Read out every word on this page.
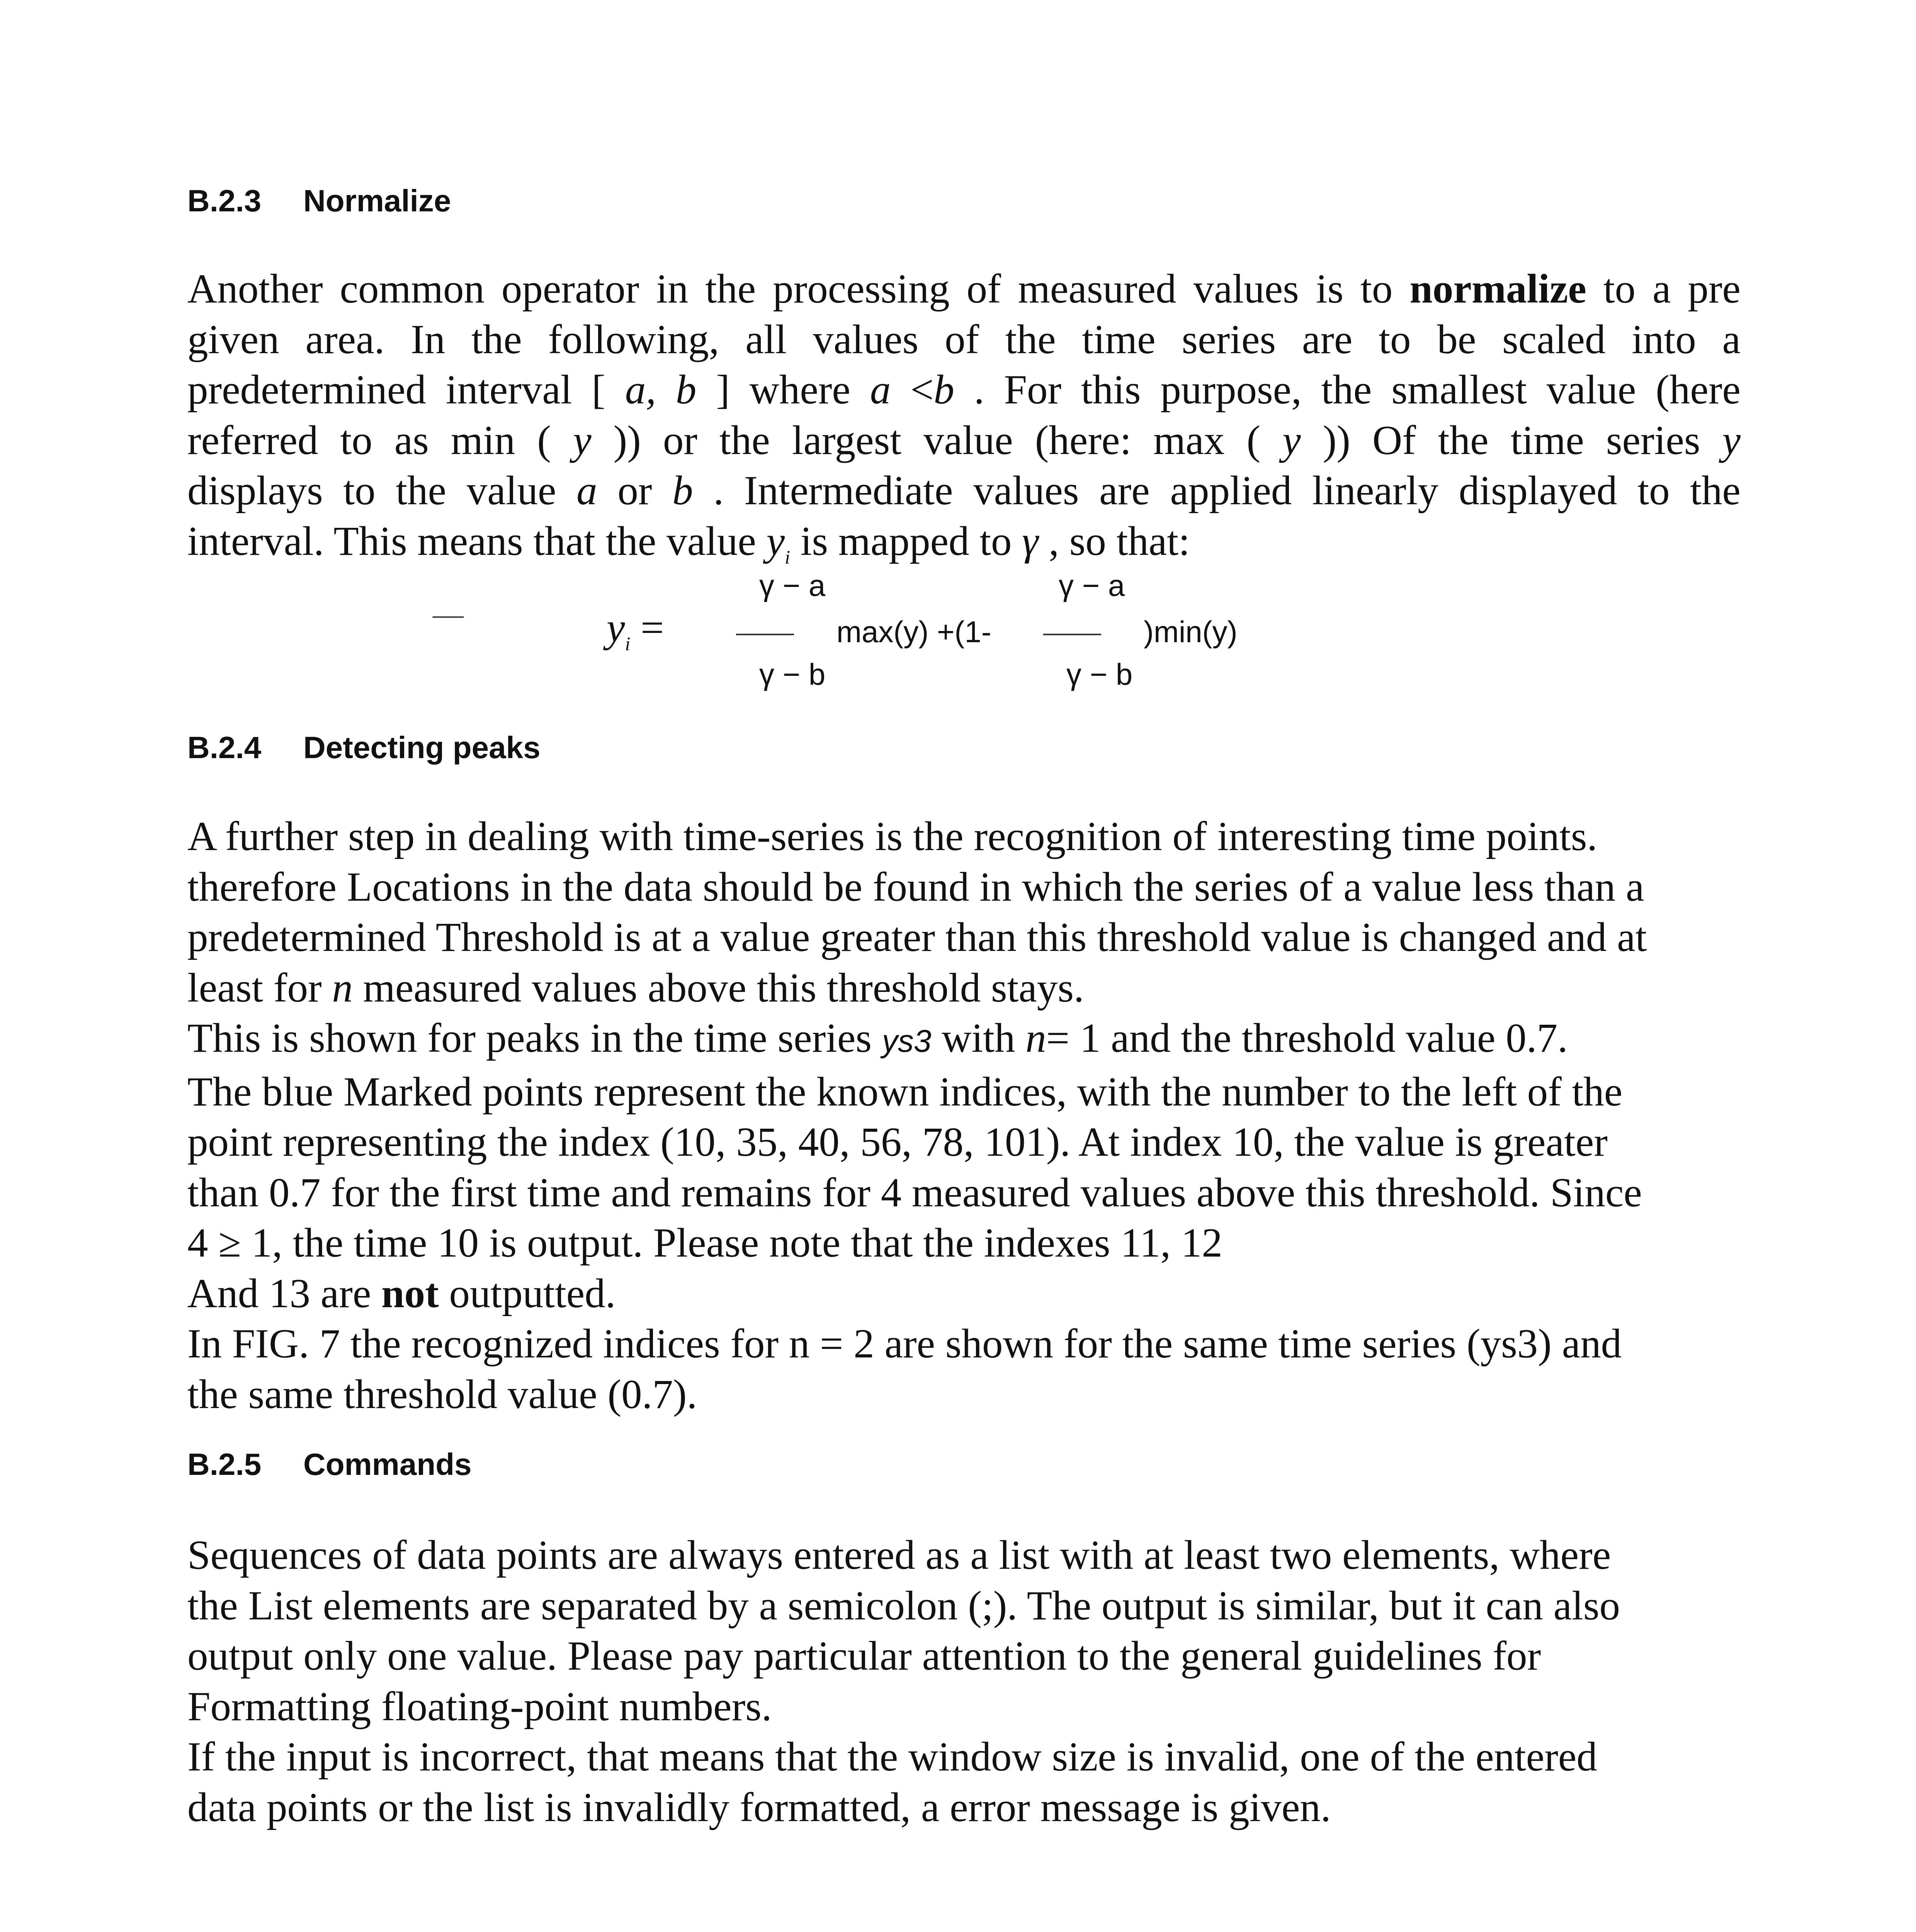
B.2.3 Normalize
Another common operator in the processing of measured values is to normalize to a pre
given area. In the following, all values of the time series are to be scaled into a
predetermined interval [ a, b ] where a <b . For this purpose, the smallest value (here
referred to as min ( y )) or the largest value (here: max ( y )) Of the time series y
displays to the value a or b . Intermediate values are applied linearly displayed to the
interval. This means that the value $y_i$ is mapped to γ , so that:
—	$y_i$ =
γ − a
γ − b
max(y) +(1-
γ − a
γ − b
)min(y)
B.2.4 Detecting peaks
A further step in dealing with time-series is the recognition of interesting time points.
therefore Locations in the data should be found in which the series of a value less than a
predetermined Threshold is at a value greater than this threshold value is changed and at
least for n measured values above this threshold stays.
This is shown for peaks in the time series ys3 with n= 1 and the threshold value 0.7.
The blue Marked points represent the known indices, with the number to the left of the
point representing the index (10, 35, 40, 56, 78, 101). At index 10, the value is greater
than 0.7 for the first time and remains for 4 measured values above this threshold. Since
4 ≥ 1, the time 10 is output. Please note that the indexes 11, 12
And 13 are not outputted.
In FIG. 7 the recognized indices for n = 2 are shown for the same time series (ys3) and
the same threshold value (0.7).
B.2.5 Commands
Sequences of data points are always entered as a list with at least two elements, where
the List elements are separated by a semicolon (;). The output is similar, but it can also
output only one value. Please pay particular attention to the general guidelines for
Formatting floating-point numbers.
If the input is incorrect, that means that the window size is invalid, one of the entered
data points or the list is invalidly formatted, a error message is given.
